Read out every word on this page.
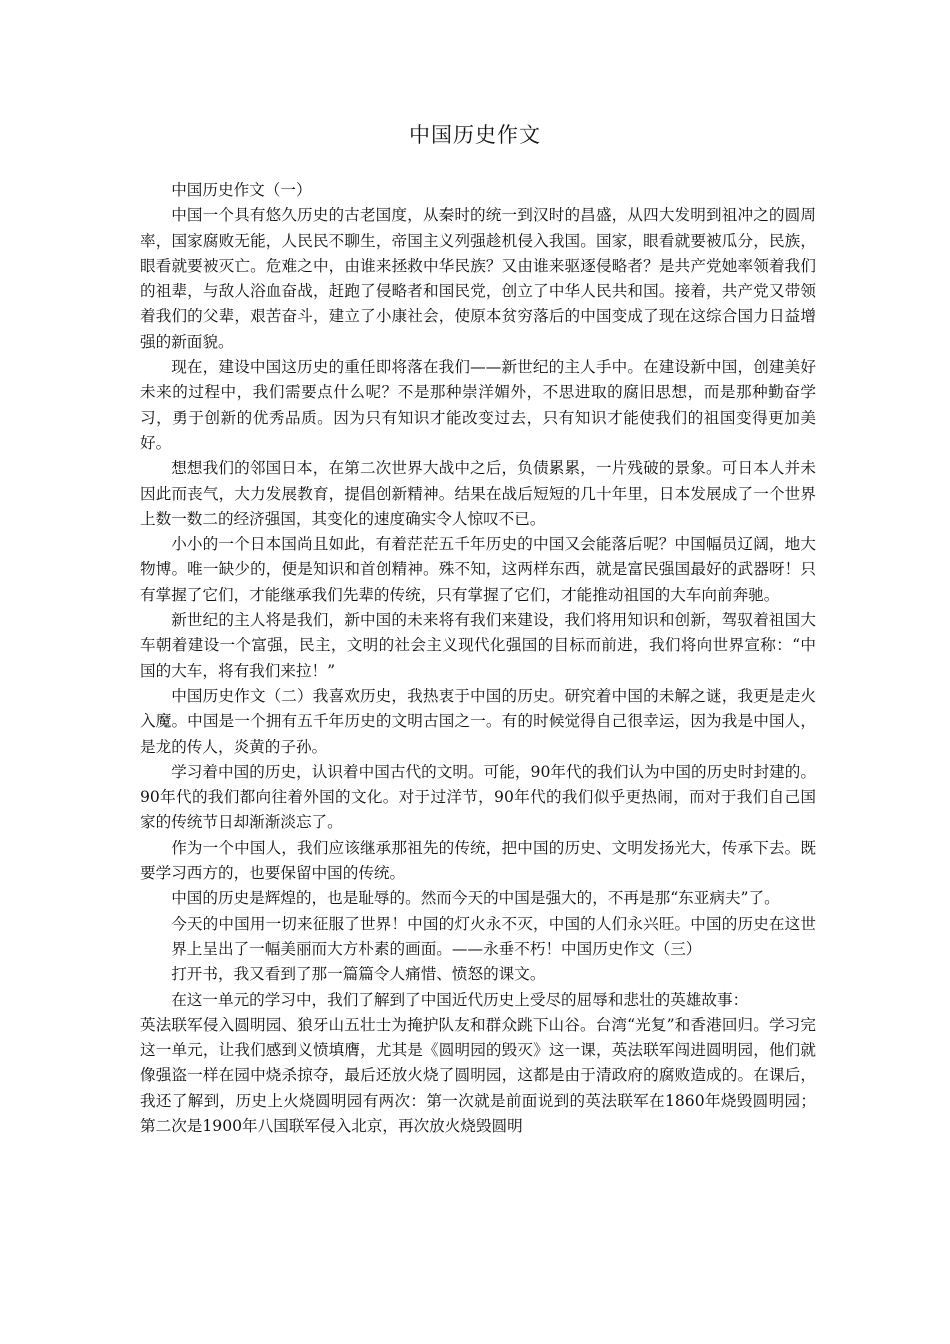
中国历史作文

中国历史作文（一）

中国一个具有悠久历史的古老国度，从秦时的统一到汉时的昌盛，从四大发明到祖冲之的圆周率，国家腐败无能，人民民不聊生，帝国主义列强趁机侵入我国。国家，眼看就要被瓜分，民族，眼看就要被灭亡。危难之中，由谁来拯救中华民族？又由谁来驱逐侵略者？是共产党她率领着我们的祖辈，与敌人浴血奋战，赶跑了侵略者和国民党，创立了中华人民共和国。接着，共产党又带领着我们的父辈，艰苦奋斗，建立了小康社会，使原本贫穷落后的中国变成了现在这综合国力日益增强的新面貌。

现在，建设中国这历史的重任即将落在我们——新世纪的主人手中。在建设新中国，创建美好未来的过程中，我们需要点什么呢？不是那种崇洋媚外，不思进取的腐旧思想，而是那种勤奋学习，勇于创新的优秀品质。因为只有知识才能改变过去，只有知识才能使我们的祖国变得更加美好。

想想我们的邻国日本，在第二次世界大战中之后，负债累累，一片残破的景象。可日本人并未因此而丧气，大力发展教育，提倡创新精神。结果在战后短短的几十年里，日本发展成了一个世界上数一数二的经济强国，其变化的速度确实令人惊叹不已。

小小的一个日本国尚且如此，有着茫茫五千年历史的中国又会能落后呢？中国幅员辽阔，地大物博。唯一缺少的，便是知识和首创精神。殊不知，这两样东西，就是富民强国最好的武器呀！只有掌握了它们，才能继承我们先辈的传统，只有掌握了它们，才能推动祖国的大车向前奔驰。

新世纪的主人将是我们，新中国的未来将有我们来建设，我们将用知识和创新，驾驭着祖国大车朝着建设一个富强，民主，文明的社会主义现代化强国的目标而前进，我们将向世界宣称：“中国的大车，将有我们来拉！”

中国历史作文（二）我喜欢历史，我热衷于中国的历史。研究着中国的未解之谜，我更是走火入魔。中国是一个拥有五千年历史的文明古国之一。有的时候觉得自己很幸运，因为我是中国人，是龙的传人，炎黄的子孙。

学习着中国的历史，认识着中国古代的文明。可能，90年代的我们认为中国的历史时封建的。90年代的我们都向往着外国的文化。对于过洋节，90年代的我们似乎更热闹，而对于我们自己国家的传统节日却渐渐淡忘了。

作为一个中国人，我们应该继承那祖先的传统，把中国的历史、文明发扬光大，传承下去。既要学习西方的，也要保留中国的传统。

中国的历史是辉煌的，也是耻辱的。然而今天的中国是强大的，不再是那“东亚病夫”了。

今天的中国用一切来征服了世界！中国的灯火永不灭，中国的人们永兴旺。中国的历史在这世界上呈出了一幅美丽而大方朴素的画面。——永垂不朽！中国历史作文（三）

打开书，我又看到了那一篇篇令人痛惜、愤怒的课文。

在这一单元的学习中，我们了解到了中国近代历史上受尽的屈辱和悲壮的英雄故事：

英法联军侵入圆明园、狼牙山五壮士为掩护队友和群众跳下山谷。台湾“光复”和香港回归。学习完这一单元，让我们感到义愤填膺，尤其是《圆明园的毁灭》这一课，英法联军闯进圆明园，他们就像强盗一样在园中烧杀掠夺，最后还放火烧了圆明园，这都是由于清政府的腐败造成的。在课后，我还了解到，历史上火烧圆明园有两次：第一次就是前面说到的英法联军在1860年烧毁圆明园；第二次是1900年八国联军侵入北京，再次放火烧毁圆明
